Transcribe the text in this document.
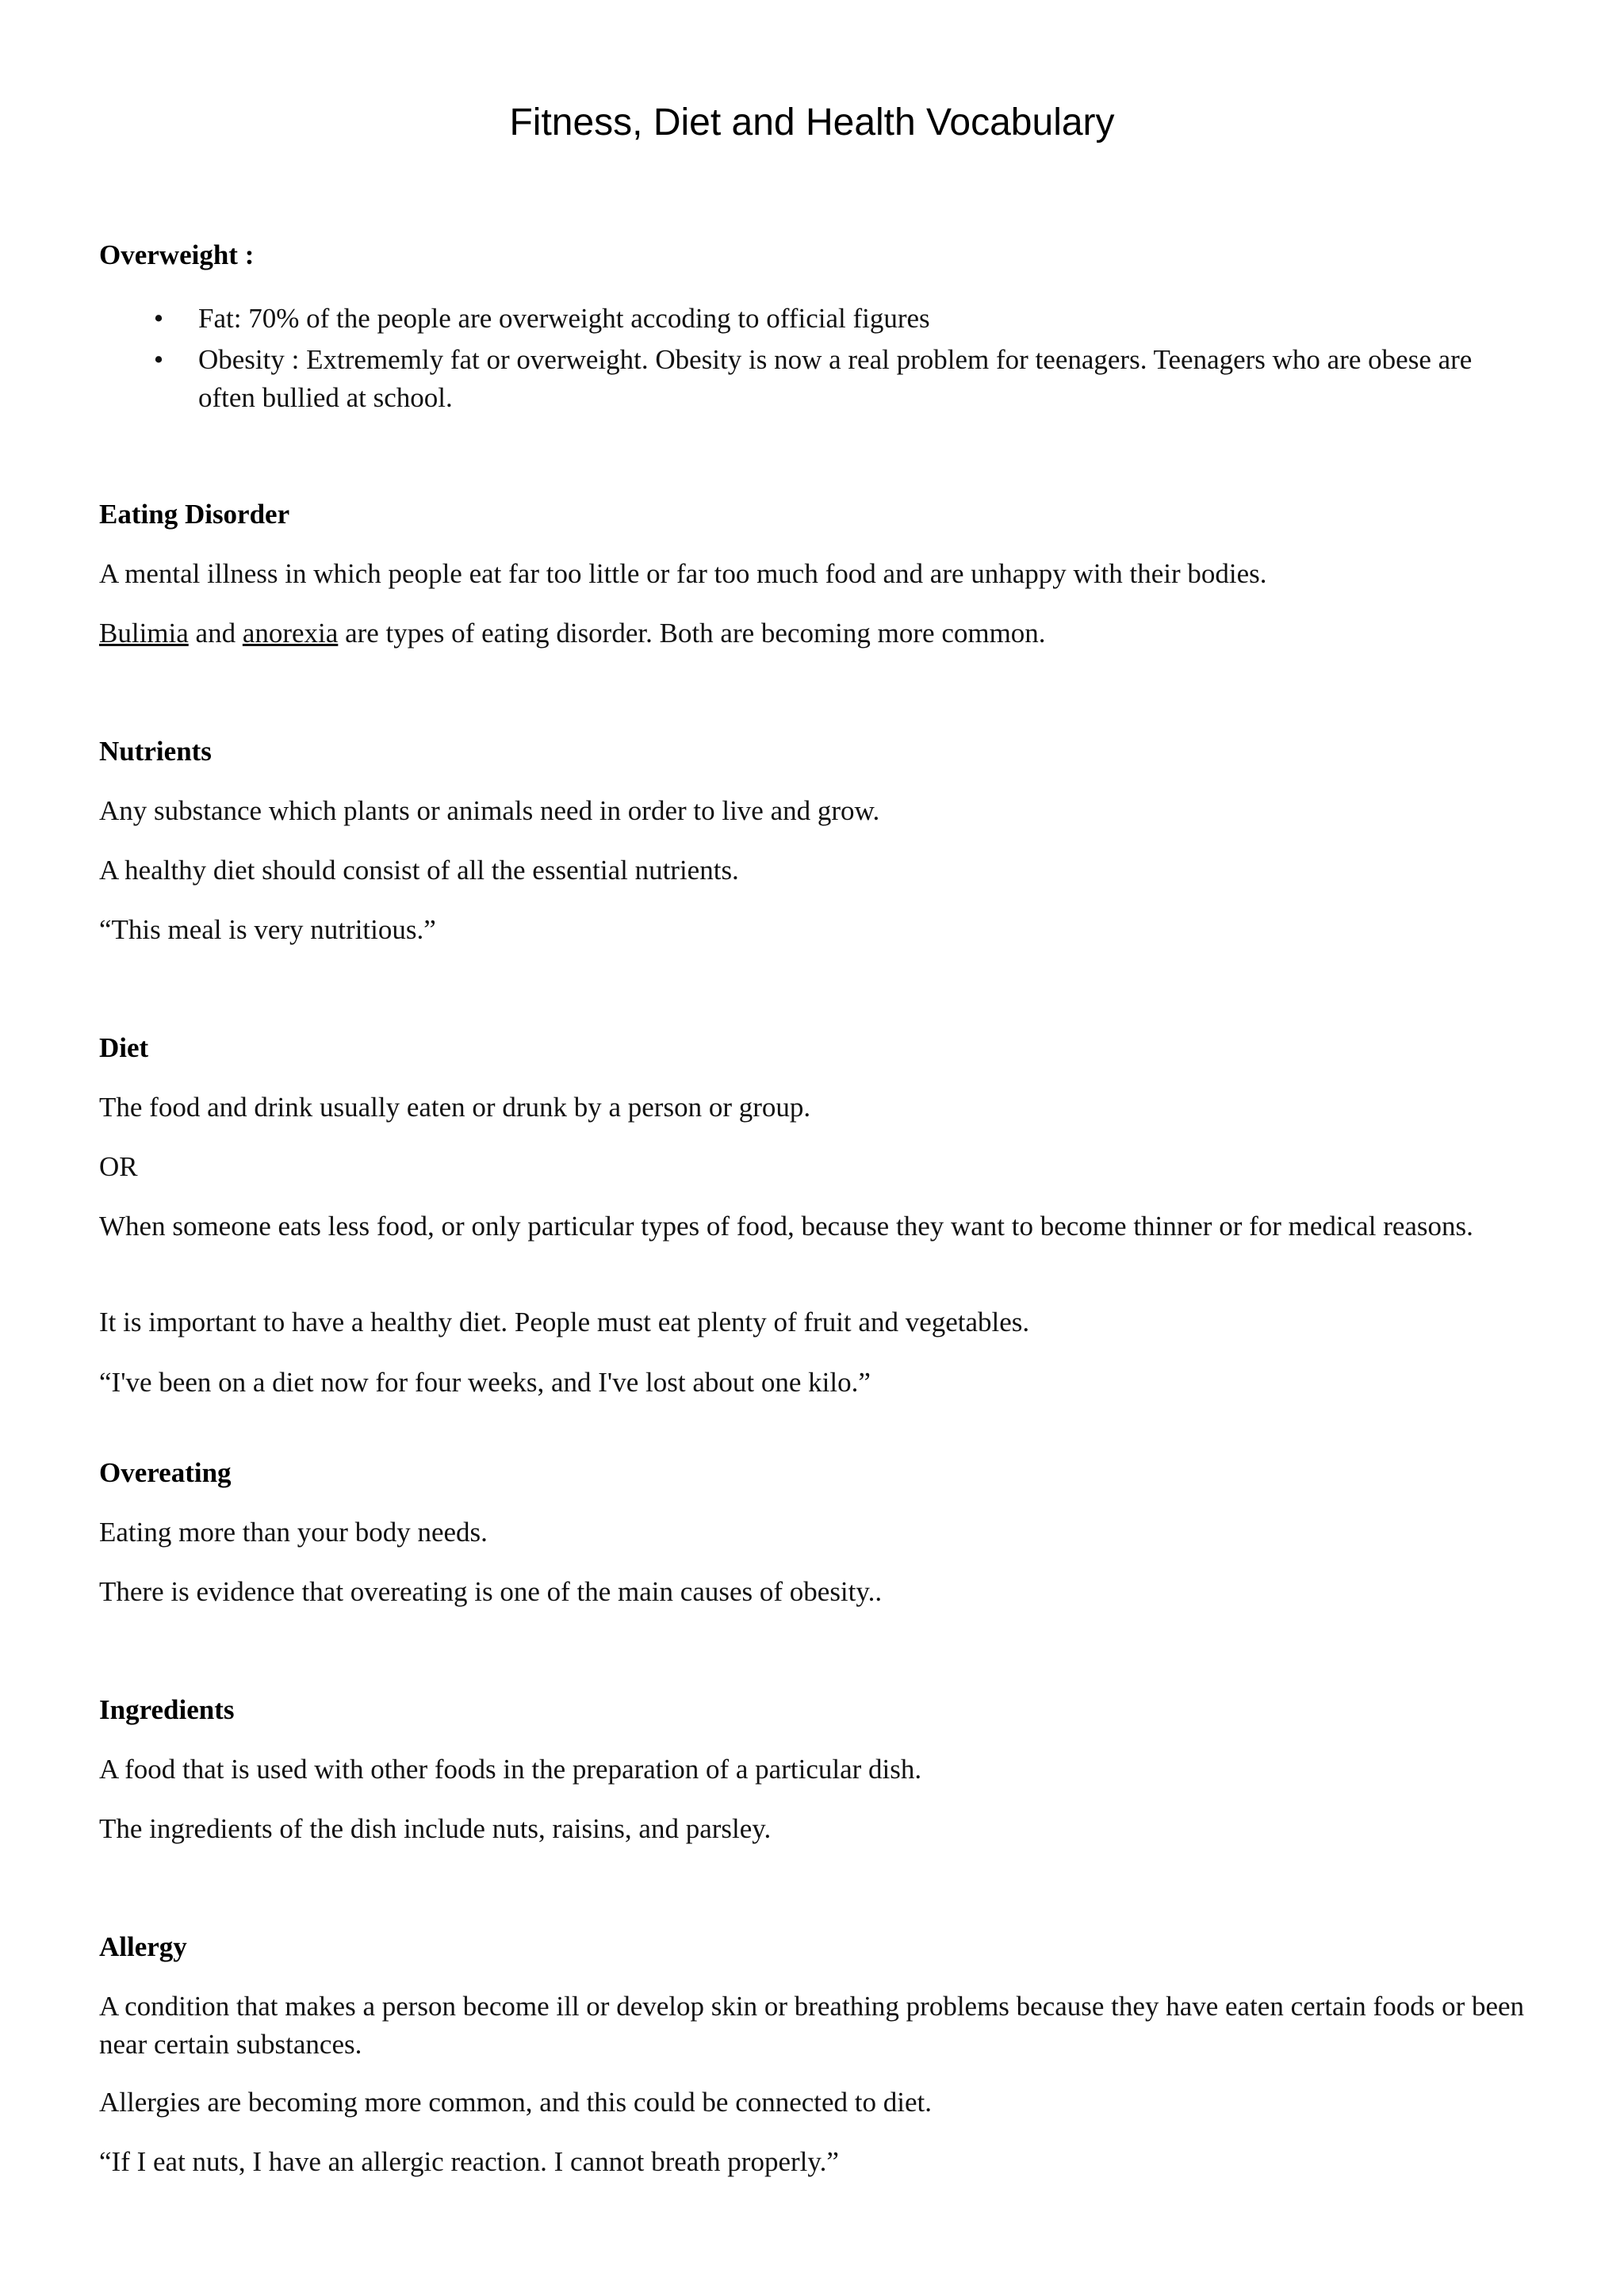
Fitness, Diet and Health Vocabulary

Overweight :

• Fat: 70% of the people are overweight accoding to official figures

• Obesity : Extrememly fat or overweight. Obesity is now a real problem for teenagers. Teenagers who are obese are often bullied at school.

Eating Disorder

A mental illness in which people eat far too little or far too much food and are unhappy with their bodies.

Bulimia and anorexia are types of eating disorder. Both are becoming more common.

Nutrients

Any substance which plants or animals need in order to live and grow.

A healthy diet should consist of all the essential nutrients.

“This meal is very nutritious.”

Diet

The food and drink usually eaten or drunk by a person or group.

OR

When someone eats less food, or only particular types of food, because they want to become thinner or for medical reasons.

It is important to have a healthy diet. People must eat plenty of fruit and vegetables.

“I've been on a diet now for four weeks, and I've lost about one kilo.”

Overeating

Eating more than your body needs.

There is evidence that overeating is one of the main causes of obesity..

Ingredients

A food that is used with other foods in the preparation of a particular dish.

The ingredients of the dish include nuts, raisins, and parsley.

Allergy

A condition that makes a person become ill or develop skin or breathing problems because they have eaten certain foods or been near certain substances.

Allergies are becoming more common, and this could be connected to diet.

“If I eat nuts, I have an allergic reaction. I cannot breath properly.”
